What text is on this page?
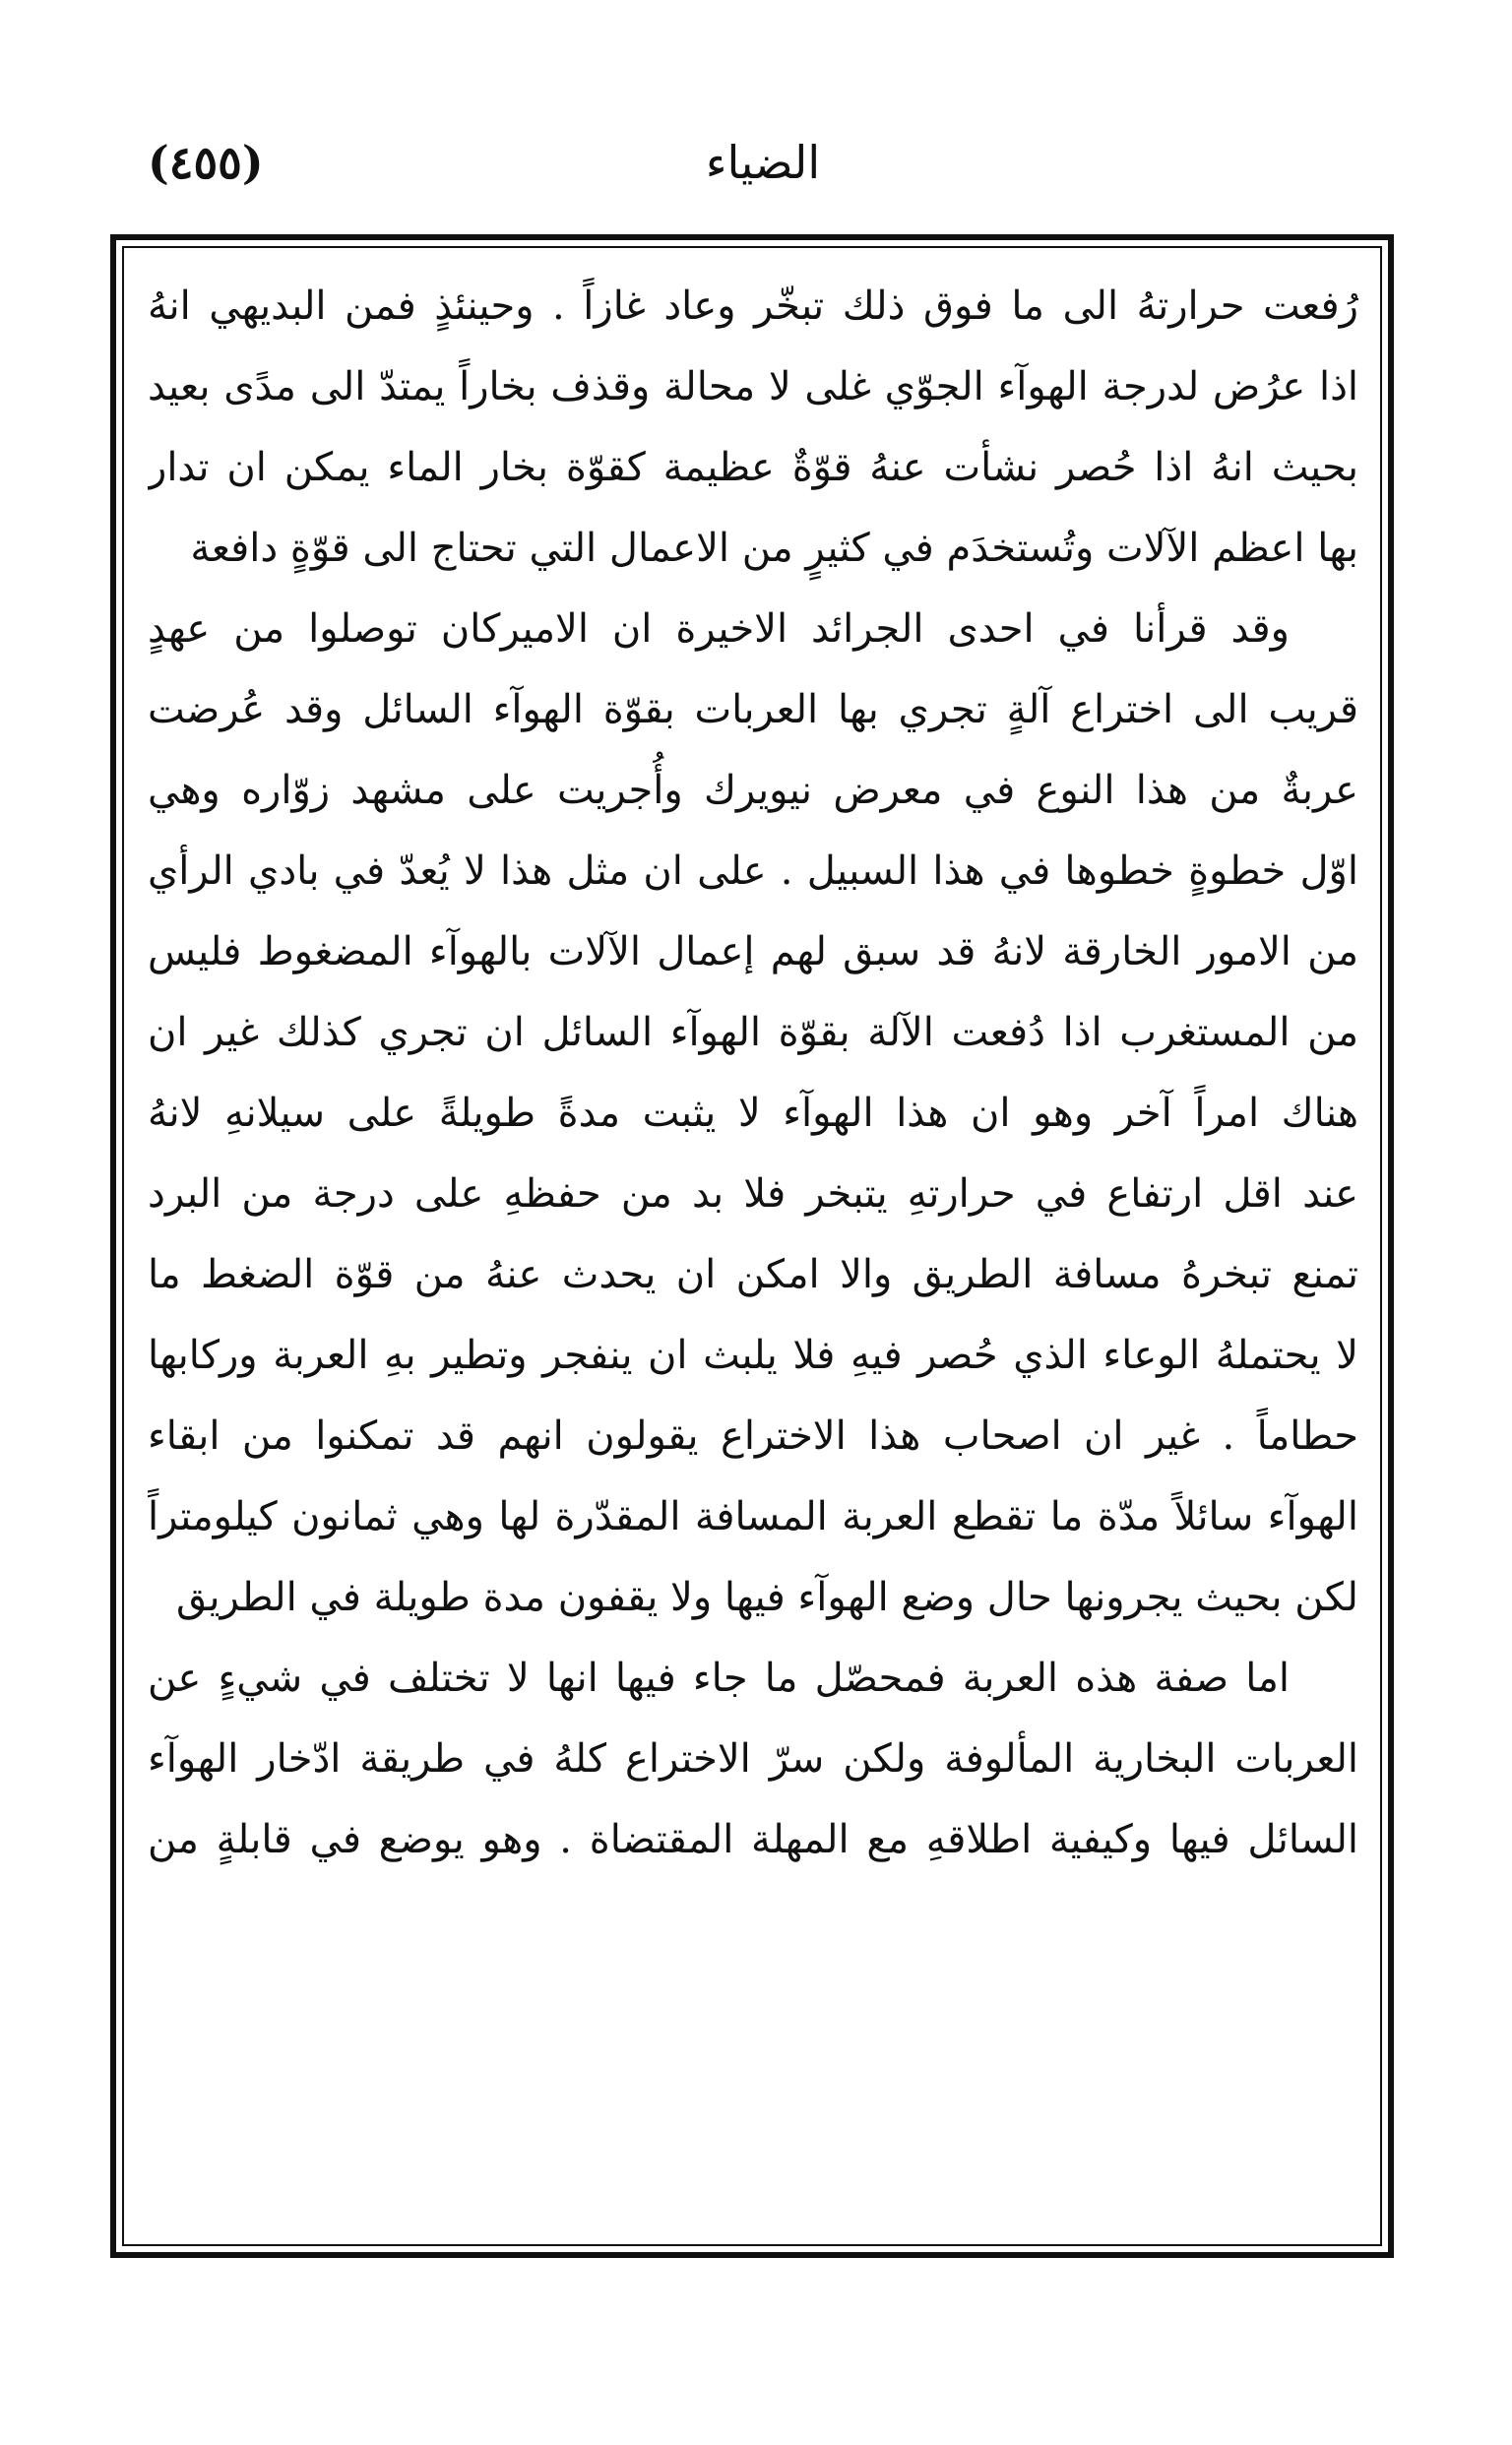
الضياء
(٤٥٥)
رُفعت حرارتهُ الى ما فوق ذلك تبخّر وعاد غازاً . وحينئذٍ فمن البديهي انهُ
اذا عرُض لدرجة الهوآء الجوّي غلى لا محالة وقذف بخاراً يمتدّ الى مدًى بعيد
بحيث انهُ اذا حُصر نشأت عنهُ قوّةٌ عظيمة كقوّة بخار الماء يمكن ان تدار
بها اعظم الآلات وتُستخدَم في كثيرٍ من الاعمال التي تحتاج الى قوّةٍ دافعة
وقد قرأنا في احدى الجرائد الاخيرة ان الاميركان توصلوا من عهدٍ
قريب الى اختراع آلةٍ تجري بها العربات بقوّة الهوآء السائل وقد عُرضت
عربةٌ من هذا النوع في معرض نيويرك وأُجريت على مشهد زوّاره وهي
اوّل خطوةٍ خطوها في هذا السبيل . على ان مثل هذا لا يُعدّ في بادي الرأي
من الامور الخارقة لانهُ قد سبق لهم إعمال الآلات بالهوآء المضغوط فليس
من المستغرب اذا دُفعت الآلة بقوّة الهوآء السائل ان تجري كذلك غير ان
هناك امراً آخر وهو ان هذا الهوآء لا يثبت مدةً طويلةً على سيلانهِ لانهُ
عند اقل ارتفاع في حرارتهِ يتبخر فلا بد من حفظهِ على درجة من البرد
تمنع تبخرهُ مسافة الطريق والا امكن ان يحدث عنهُ من قوّة الضغط ما
لا يحتملهُ الوعاء الذي حُصر فيهِ فلا يلبث ان ينفجر وتطير بهِ العربة وركابها
حطاماً . غير ان اصحاب هذا الاختراع يقولون انهم قد تمكنوا من ابقاء
الهوآء سائلاً مدّة ما تقطع العربة المسافة المقدّرة لها وهي ثمانون كيلومتراً
لكن بحيث يجرونها حال وضع الهوآء فيها ولا يقفون مدة طويلة في الطريق
اما صفة هذه العربة فمحصّل ما جاء فيها انها لا تختلف في شيءٍ عن
العربات البخارية المألوفة ولكن سرّ الاختراع كلهُ في طريقة ادّخار الهوآء
السائل فيها وكيفية اطلاقهِ مع المهلة المقتضاة . وهو يوضع في قابلةٍ من
